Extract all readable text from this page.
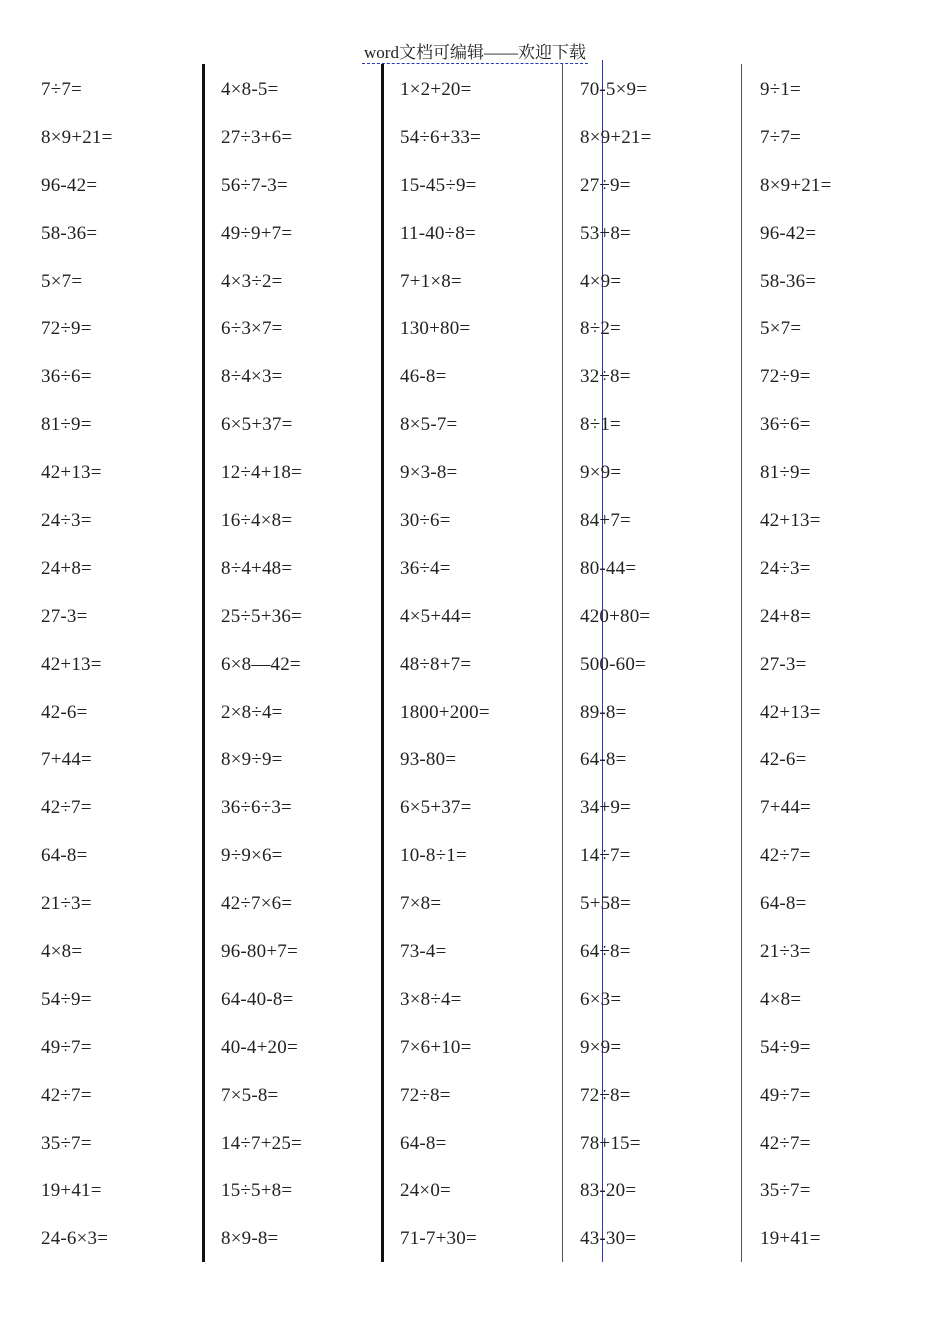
word文档可编辑——欢迎下载
7÷7=
8×9+21=
96-42=
58-36=
5×7=
72÷9=
36÷6=
81÷9=
42+13=
24÷3=
24+8=
27-3=
42+13=
42-6=
7+44=
42÷7=
64-8=
21÷3=
4×8=
54÷9=
49÷7=
42÷7=
35÷7=
19+41=
24-6×3=
4×8-5=
27÷3+6=
56÷7-3=
49÷9+7=
4×3÷2=
6÷3×7=
8÷4×3=
6×5+37=
12÷4+18=
16÷4×8=
8÷4+48=
25÷5+36=
6×8—42=
2×8÷4=
8×9÷9=
36÷6÷3=
9÷9×6=
42÷7×6=
96-80+7=
64-40-8=
40-4+20=
7×5-8=
14÷7+25=
15÷5+8=
8×9-8=
1×2+20=
54÷6+33=
15-45÷9=
11-40÷8=
7+1×8=
130+80=
46-8=
8×5-7=
9×3-8=
30÷6=
36÷4=
4×5+44=
48÷8+7=
1800+200=
93-80=
6×5+37=
10-8÷1=
7×8=
73-4=
3×8÷4=
7×6+10=
72÷8=
64-8=
24×0=
71-7+30=
70-5×9=
8×9+21=
27÷9=
53+8=
4×9=
8÷2=
32÷8=
8÷1=
9×9=
84+7=
80-44=
420+80=
500-60=
89-8=
64-8=
34+9=
14÷7=
5+58=
64÷8=
6×3=
9×9=
72÷8=
78+15=
83-20=
43-30=
9÷1=
7÷7=
8×9+21=
96-42=
58-36=
5×7=
72÷9=
36÷6=
81÷9=
42+13=
24÷3=
24+8=
27-3=
42+13=
42-6=
7+44=
42÷7=
64-8=
21÷3=
4×8=
54÷9=
49÷7=
42÷7=
35÷7=
19+41=
